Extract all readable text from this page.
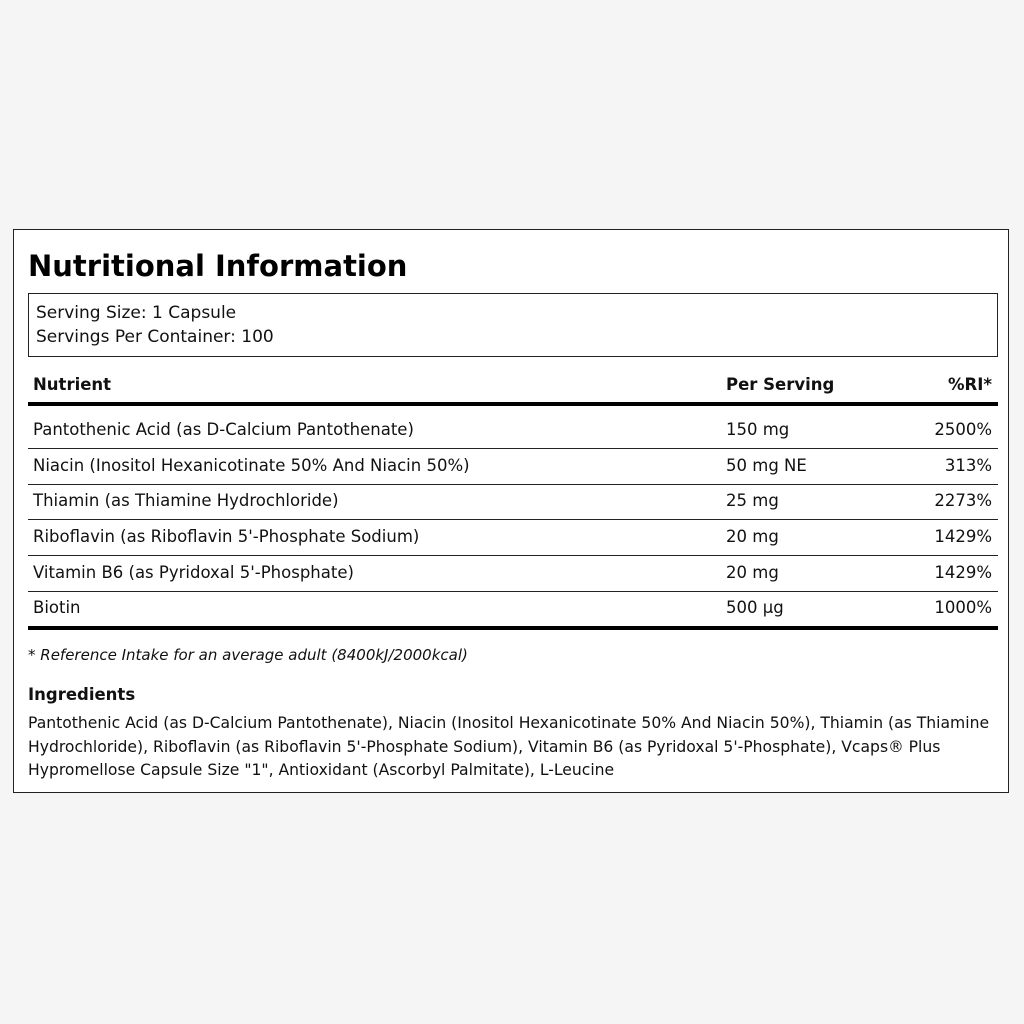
Nutritional Information
Serving Size: 1 Capsule
Servings Per Container: 100
Nutrient	Per Serving	%RI*
Pantothenic Acid (as D-Calcium Pantothenate)	150 mg	2500%
Niacin (Inositol Hexanicotinate 50% And Niacin 50%)	50 mg NE	313%
Thiamin (as Thiamine Hydrochloride)	25 mg	2273%
Riboflavin (as Riboflavin 5'-Phosphate Sodium)	20 mg	1429%
Vitamin B6 (as Pyridoxal 5'-Phosphate)	20 mg	1429%
Biotin	500 µg	1000%
* Reference Intake for an average adult (8400kJ/2000kcal)
Ingredients
Pantothenic Acid (as D-Calcium Pantothenate), Niacin (Inositol Hexanicotinate 50% And Niacin 50%), Thiamin (as Thiamine Hydrochloride), Riboflavin (as Riboflavin 5'-Phosphate Sodium), Vitamin B6 (as Pyridoxal 5'-Phosphate), Vcaps® Plus Hypromellose Capsule Size "1", Antioxidant (Ascorbyl Palmitate), L-Leucine
